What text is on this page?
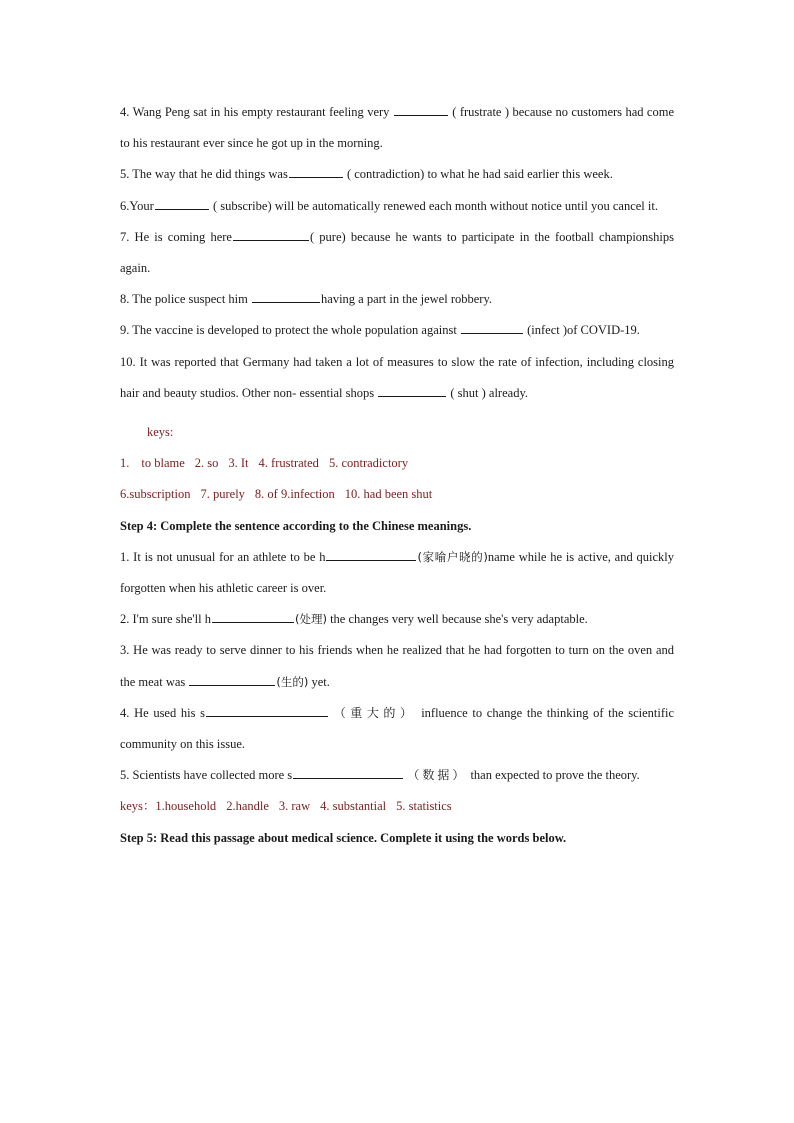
4. Wang Peng sat in his empty restaurant feeling very	( frustrate ) because no customers had come to his restaurant ever since he got up in the morning.

5. The way that he did things was	( contradiction) to what he had said earlier this week.

6.Your	( subscribe) will be automatically renewed each month without notice until you cancel it.

7. He is coming here	( pure) because he wants to participate in the football championships again.

8. The police suspect him	having a part in the jewel robbery.

9. The vaccine is developed to protect the whole population against	(infect )of COVID-19.

10. It was reported that Germany had taken a lot of measures to slow the rate of infection, including closing hair and beauty studios. Other non- essential shops	( shut ) already.

keys:

1. to blame 2. so 3. It 4. frustrated 5. contradictory

6.subscription 7. purely 8. of 9.infection 10. had been shut

Step 4: Complete the sentence according to the Chinese meanings.

1. It is not unusual for an athlete to be h	(家喻户晓的)name while he is active, and quickly forgotten when his athletic career is over.

2. I'm sure she'll h	(处理) the changes very well because she's very adaptable.

3. He was ready to serve dinner to his friends when he realized that he had forgotten to turn on the oven and the meat was	(生的) yet.

4. He used his s	（重大的） influence to change the thinking of the scientific community on this issue.

5. Scientists have collected more s	（数据） than expected to prove the theory.

keys：1.household 2.handle 3. raw 4. substantial 5. statistics

Step 5: Read this passage about medical science. Complete it using the words below.
